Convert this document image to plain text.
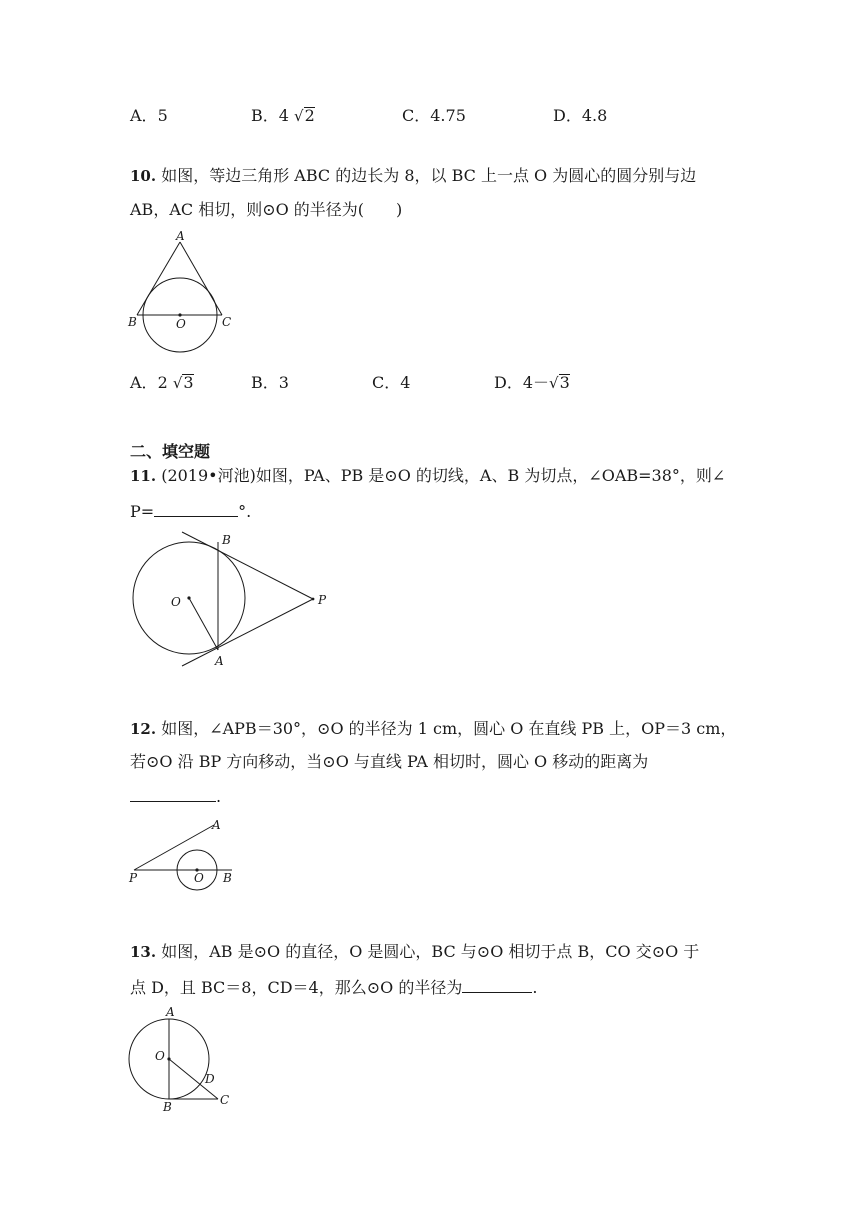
A．5	B．4 √2	C．4.75	D．4.8
10. 如图，等边三角形 ABC 的边长为 8，以 BC 上一点 O 为圆心的圆分别与边
AB，AC 相切，则⊙O 的半径为(　　)
A
B	O	C
A．2 √3	B．3	C．4	D．4－√3
二、填空题
11. (2019•河池)如图，PA、PB 是⊙O 的切线，A、B 为切点，∠OAB=38°，则∠
P=	°.
B
O	P
A
12. 如图，∠APB＝30°，⊙O 的半径为 1 cm，圆心 O 在直线 PB 上，OP＝3 cm，
若⊙O 沿 BP 方向移动，当⊙O 与直线 PA 相切时，圆心 O 移动的距离为
.
A
P	O B
13. 如图，AB 是⊙O 的直径，O 是圆心，BC 与⊙O 相切于点 B，CO 交⊙O 于
点 D，且 BC＝8，CD＝4，那么⊙O 的半径为	.
A
O
D
B	C
